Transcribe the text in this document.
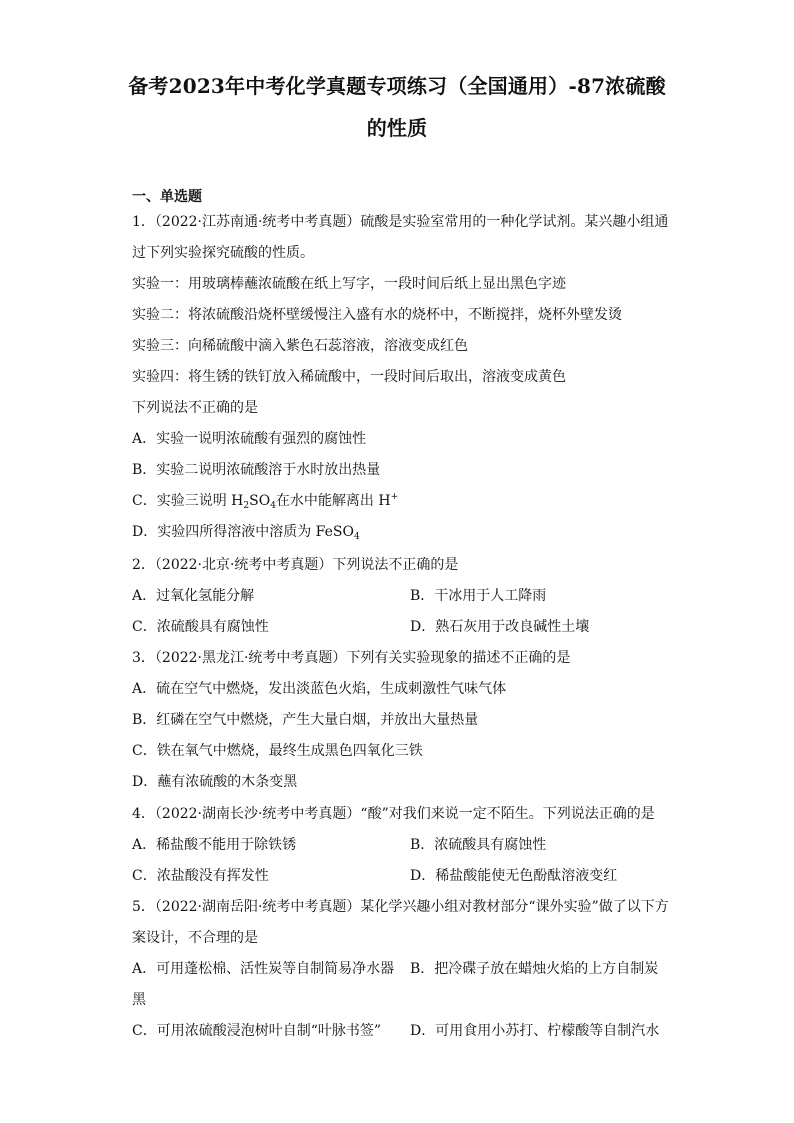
备考2023年中考化学真题专项练习（全国通用）-87浓硫酸
的性质
一、单选题
1．（2022·江苏南通·统考中考真题）硫酸是实验室常用的一种化学试剂。某兴趣小组通
过下列实验探究硫酸的性质。
实验一：用玻璃棒蘸浓硫酸在纸上写字，一段时间后纸上显出黑色字迹
实验二：将浓硫酸沿烧杯壁缓慢注入盛有水的烧杯中，不断搅拌，烧杯外壁发烫
实验三：向稀硫酸中滴入紫色石蕊溶液，溶液变成红色
实验四：将生锈的铁钉放入稀硫酸中，一段时间后取出，溶液变成黄色
下列说法不正确的是
A．实验一说明浓硫酸有强烈的腐蚀性
B．实验二说明浓硫酸溶于水时放出热量
C．实验三说明 $H_2SO_4$在水中能解离出 H+
D．实验四所得溶液中溶质为 FeSO$_4$
2．（2022·北京·统考中考真题）下列说法不正确的是
A．过氧化氢能分解	B．干冰用于人工降雨
C．浓硫酸具有腐蚀性	D．熟石灰用于改良碱性土壤
3．（2022·黑龙江·统考中考真题）下列有关实验现象的描述不正确的是
A．硫在空气中燃烧，发出淡蓝色火焰，生成刺激性气味气体
B．红磷在空气中燃烧，产生大量白烟，并放出大量热量
C．铁在氧气中燃烧，最终生成黑色四氧化三铁
D．蘸有浓硫酸的木条变黑
4．（2022·湖南长沙·统考中考真题）“酸”对我们来说一定不陌生。下列说法正确的是
A．稀盐酸不能用于除铁锈	B．浓硫酸具有腐蚀性
C．浓盐酸没有挥发性	D．稀盐酸能使无色酚酞溶液变红
5．（2022·湖南岳阳·统考中考真题）某化学兴趣小组对教材部分“课外实验”做了以下方
案设计，不合理的是
A．可用蓬松棉、活性炭等自制简易净水器 B．把冷碟子放在蜡烛火焰的上方自制炭
黑
C．可用浓硫酸浸泡树叶自制“叶脉书签” D．可用食用小苏打、柠檬酸等自制汽水
